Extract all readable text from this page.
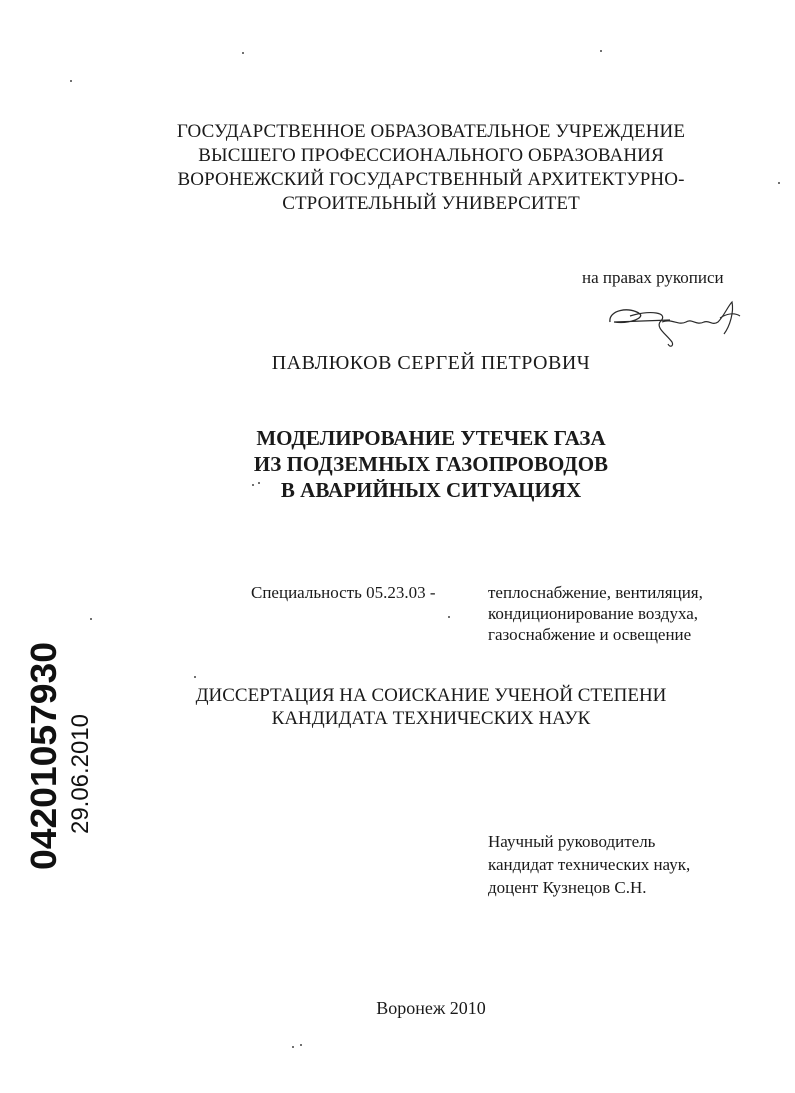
ГОСУДАРСТВЕННОЕ ОБРАЗОВАТЕЛЬНОЕ УЧРЕЖДЕНИЕ
ВЫСШЕГО ПРОФЕССИОНАЛЬНОГО ОБРАЗОВАНИЯ
ВОРОНЕЖСКИЙ ГОСУДАРСТВЕННЫЙ АРХИТЕКТУРНО-
СТРОИТЕЛЬНЫЙ УНИВЕРСИТЕТ
на правах рукописи
ПАВЛЮКОВ СЕРГЕЙ ПЕТРОВИЧ
МОДЕЛИРОВАНИЕ УТЕЧЕК ГАЗА
ИЗ ПОДЗЕМНЫХ ГАЗОПРОВОДОВ
В АВАРИЙНЫХ СИТУАЦИЯХ
Специальность 05.23.03 -	теплоснабжение, вентиляция,
кондиционирование воздуха,
газоснабжение и освещение
ДИССЕРТАЦИЯ НА СОИСКАНИЕ УЧЕНОЙ СТЕПЕНИ
КАНДИДАТА ТЕХНИЧЕСКИХ НАУК
Научный руководитель
кандидат технических наук,
доцент Кузнецов С.Н.
Воронеж 2010
04201057930 29.06.2010
